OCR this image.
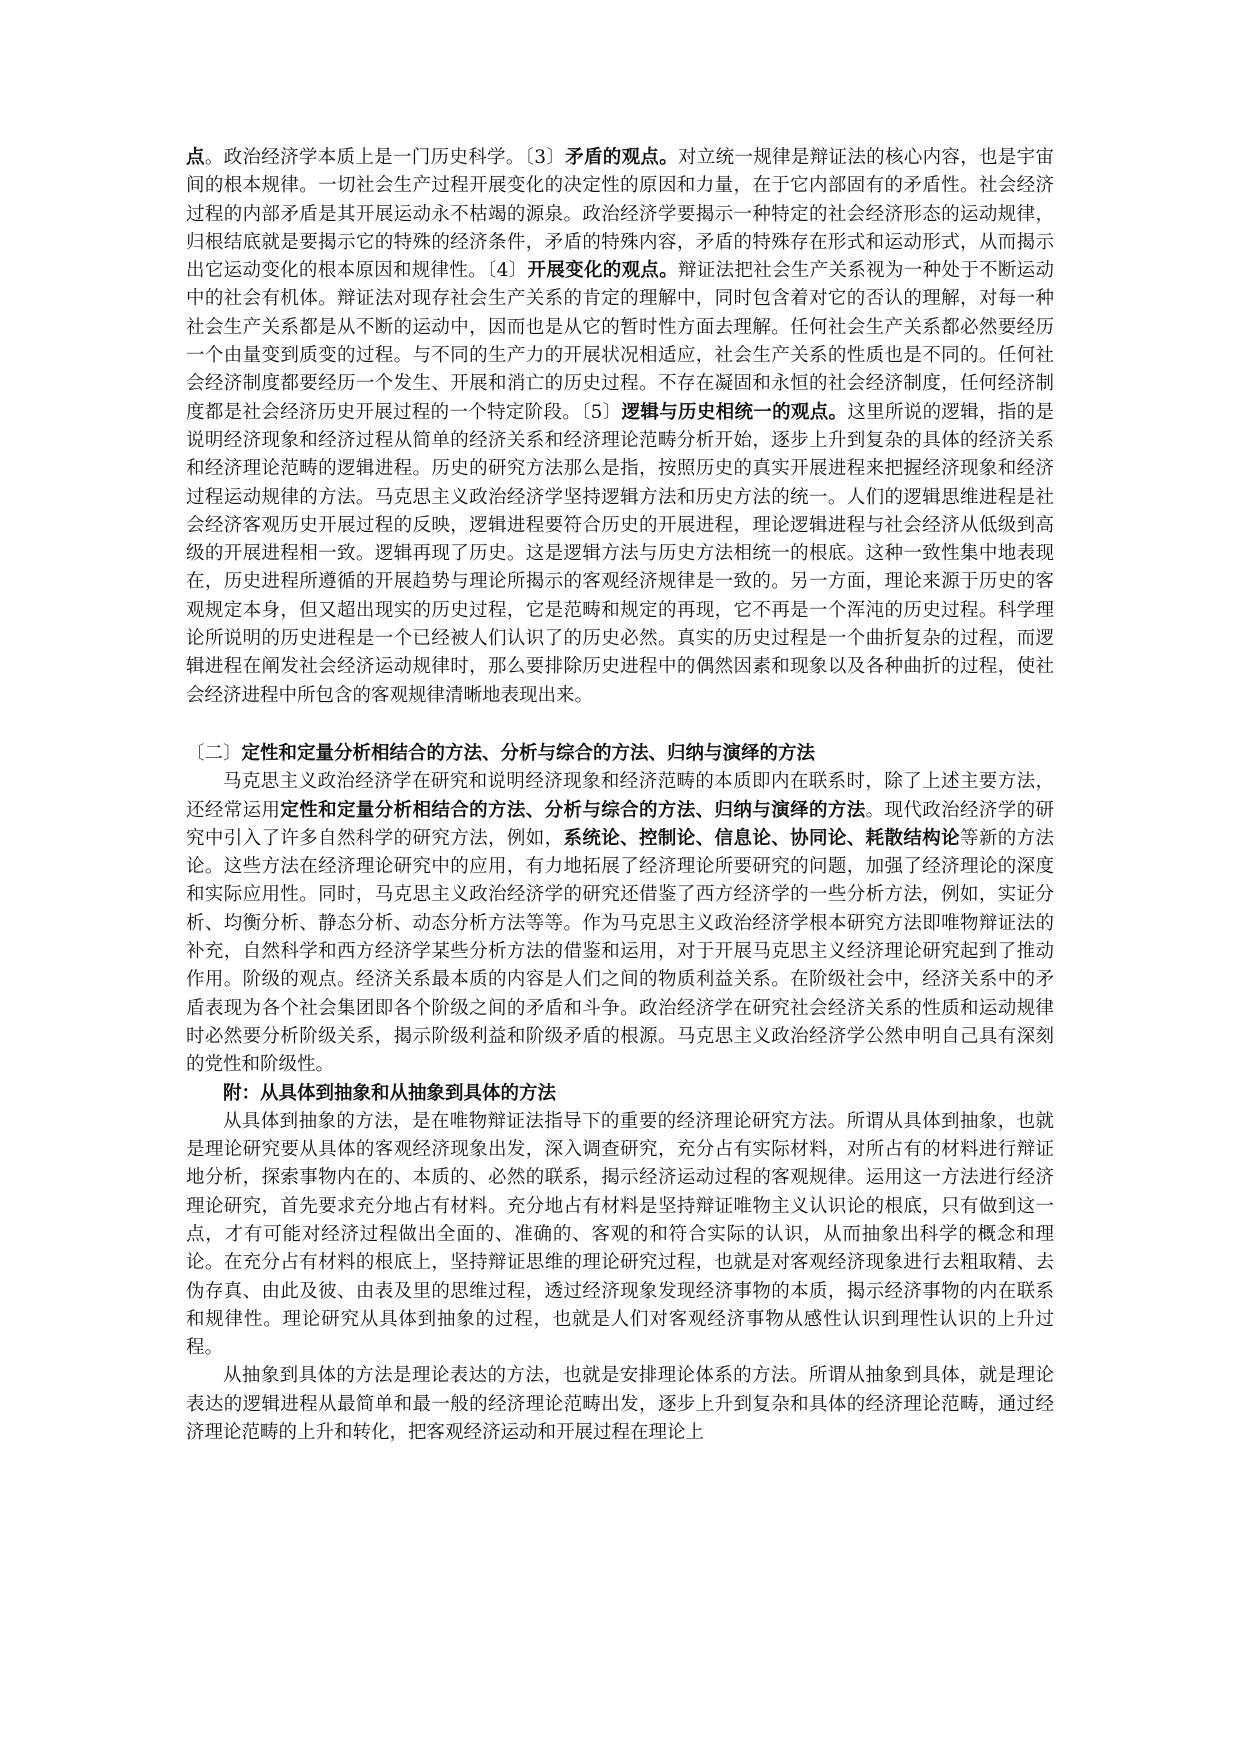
点。政治经济学本质上是一门历史科学。〔3〕矛盾的观点。对立统一规律是辩证法的核心内容，也是宇宙间的根本规律。一切社会生产过程开展变化的决定性的原因和力量，在于它内部固有的矛盾性。社会经济过程的内部矛盾是其开展运动永不枯竭的源泉。政治经济学要揭示一种特定的社会经济形态的运动规律，归根结底就是要揭示它的特殊的经济条件，矛盾的特殊内容，矛盾的特殊存在形式和运动形式，从而揭示出它运动变化的根本原因和规律性。〔4〕开展变化的观点。辩证法把社会生产关系视为一种处于不断运动中的社会有机体。辩证法对现存社会生产关系的肯定的理解中，同时包含着对它的否认的理解，对每一种社会生产关系都是从不断的运动中，因而也是从它的暂时性方面去理解。任何社会生产关系都必然要经历一个由量变到质变的过程。与不同的生产力的开展状况相适应，社会生产关系的性质也是不同的。任何社会经济制度都要经历一个发生、开展和消亡的历史过程。不存在凝固和永恒的社会经济制度，任何经济制度都是社会经济历史开展过程的一个特定阶段。〔5〕逻辑与历史相统一的观点。这里所说的逻辑，指的是说明经济现象和经济过程从简单的经济关系和经济理论范畴分析开始，逐步上升到复杂的具体的经济关系和经济理论范畴的逻辑进程。历史的研究方法那么是指，按照历史的真实开展进程来把握经济现象和经济过程运动规律的方法。马克思主义政治经济学坚持逻辑方法和历史方法的统一。人们的逻辑思维进程是社会经济客观历史开展过程的反映，逻辑进程要符合历史的开展进程，理论逻辑进程与社会经济从低级到高级的开展进程相一致。逻辑再现了历史。这是逻辑方法与历史方法相统一的根底。这种一致性集中地表现在，历史进程所遵循的开展趋势与理论所揭示的客观经济规律是一致的。另一方面，理论来源于历史的客观规定本身，但又超出现实的历史过程，它是范畴和规定的再现，它不再是一个浑沌的历史过程。科学理论所说明的历史进程是一个已经被人们认识了的历史必然。真实的历史过程是一个曲折复杂的过程，而逻辑进程在阐发社会经济运动规律时，那么要排除历史进程中的偶然因素和现象以及各种曲折的过程，使社会经济进程中所包含的客观规律清晰地表现出来。

〔二〕定性和定量分析相结合的方法、分析与综合的方法、归纳与演绎的方法

马克思主义政治经济学在研究和说明经济现象和经济范畴的本质即内在联系时，除了上述主要方法，还经常运用定性和定量分析相结合的方法、分析与综合的方法、归纳与演绎的方法。现代政治经济学的研究中引入了许多自然科学的研究方法，例如，系统论、控制论、信息论、协同论、耗散结构论等新的方法论。这些方法在经济理论研究中的应用，有力地拓展了经济理论所要研究的问题，加强了经济理论的深度和实际应用性。同时，马克思主义政治经济学的研究还借鉴了西方经济学的一些分析方法，例如，实证分析、均衡分析、静态分析、动态分析方法等等。作为马克思主义政治经济学根本研究方法即唯物辩证法的补充，自然科学和西方经济学某些分析方法的借鉴和运用，对于开展马克思主义经济理论研究起到了推动作用。阶级的观点。经济关系最本质的内容是人们之间的物质利益关系。在阶级社会中，经济关系中的矛盾表现为各个社会集团即各个阶级之间的矛盾和斗争。政治经济学在研究社会经济关系的性质和运动规律时必然要分析阶级关系，揭示阶级利益和阶级矛盾的根源。马克思主义政治经济学公然申明自己具有深刻的党性和阶级性。

附：从具体到抽象和从抽象到具体的方法

从具体到抽象的方法，是在唯物辩证法指导下的重要的经济理论研究方法。所谓从具体到抽象，也就是理论研究要从具体的客观经济现象出发，深入调查研究，充分占有实际材料，对所占有的材料进行辩证地分析，探索事物内在的、本质的、必然的联系，揭示经济运动过程的客观规律。运用这一方法进行经济理论研究，首先要求充分地占有材料。充分地占有材料是坚持辩证唯物主义认识论的根底，只有做到这一点，才有可能对经济过程做出全面的、准确的、客观的和符合实际的认识，从而抽象出科学的概念和理论。在充分占有材料的根底上，坚持辩证思维的理论研究过程，也就是对客观经济现象进行去粗取精、去伪存真、由此及彼、由表及里的思维过程，透过经济现象发现经济事物的本质，揭示经济事物的内在联系和规律性。理论研究从具体到抽象的过程，也就是人们对客观经济事物从感性认识到理性认识的上升过程。

从抽象到具体的方法是理论表达的方法，也就是安排理论体系的方法。所谓从抽象到具体，就是理论表达的逻辑进程从最简单和最一般的经济理论范畴出发，逐步上升到复杂和具体的经济理论范畴，通过经济理论范畴的上升和转化，把客观经济运动和开展过程在理论上
